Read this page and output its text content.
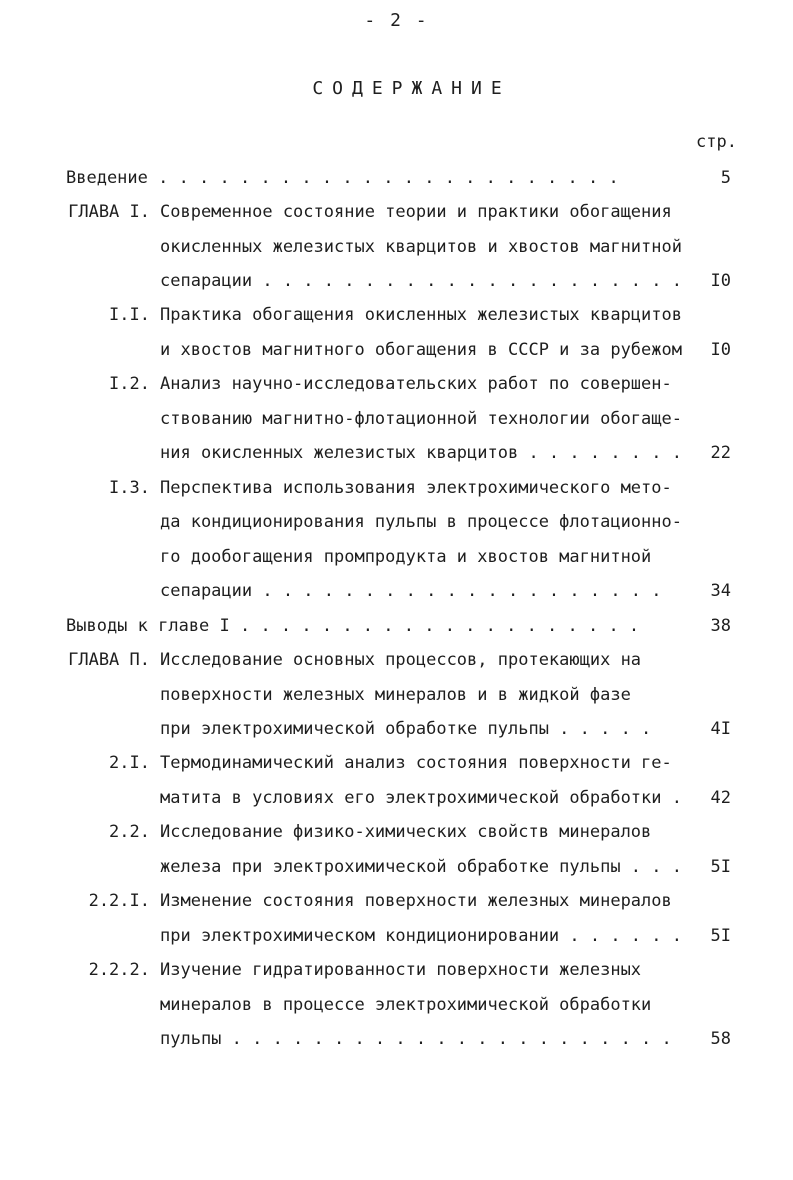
- 2 -
СОДЕРЖАНИЕ
стр.
Введение . . . . . . . . . . . . . . . . . . . . . . .	5
ГЛАВА I. Современное состояние теории и практики обогащения
окисленных железистых кварцитов и хвостов магнитной
сепарации . . . . . . . . . . . . . . . . . . . . .	I0
I.I. Практика обогащения окисленных железистых кварцитов
и хвостов магнитного обогащения в СССР и за рубежом	I0
I.2. Анализ научно-исследовательских работ по совершен-
ствованию магнитно-флотационной технологии обогаще-
ния окисленных железистых кварцитов . . . . . . . .	22
I.3. Перспектива использования электрохимического мето-
да кондиционирования пульпы в процессе флотационно-
го дообогащения промпродукта и хвостов магнитной
сепарации . . . . . . . . . . . . . . . . . . . .	34
Выводы к главе I . . . . . . . . . . . . . . . . . . . .	38
ГЛАВА П. Исследование основных процессов, протекающих на
поверхности железных минералов и в жидкой фазе
при электрохимической обработке пульпы . . . . .	4I
2.I. Термодинамический анализ состояния поверхности ге-
матита в условиях его электрохимической обработки .	42
2.2. Исследование физико-химических свойств минералов
железа при электрохимической обработке пульпы . . .	5I
2.2.I. Изменение состояния поверхности железных минералов
при электрохимическом кондиционировании . . . . . .	5I
2.2.2. Изучение гидратированности поверхности железных
минералов в процессе электрохимической обработки
пульпы . . . . . . . . . . . . . . . . . . . . . .	58
